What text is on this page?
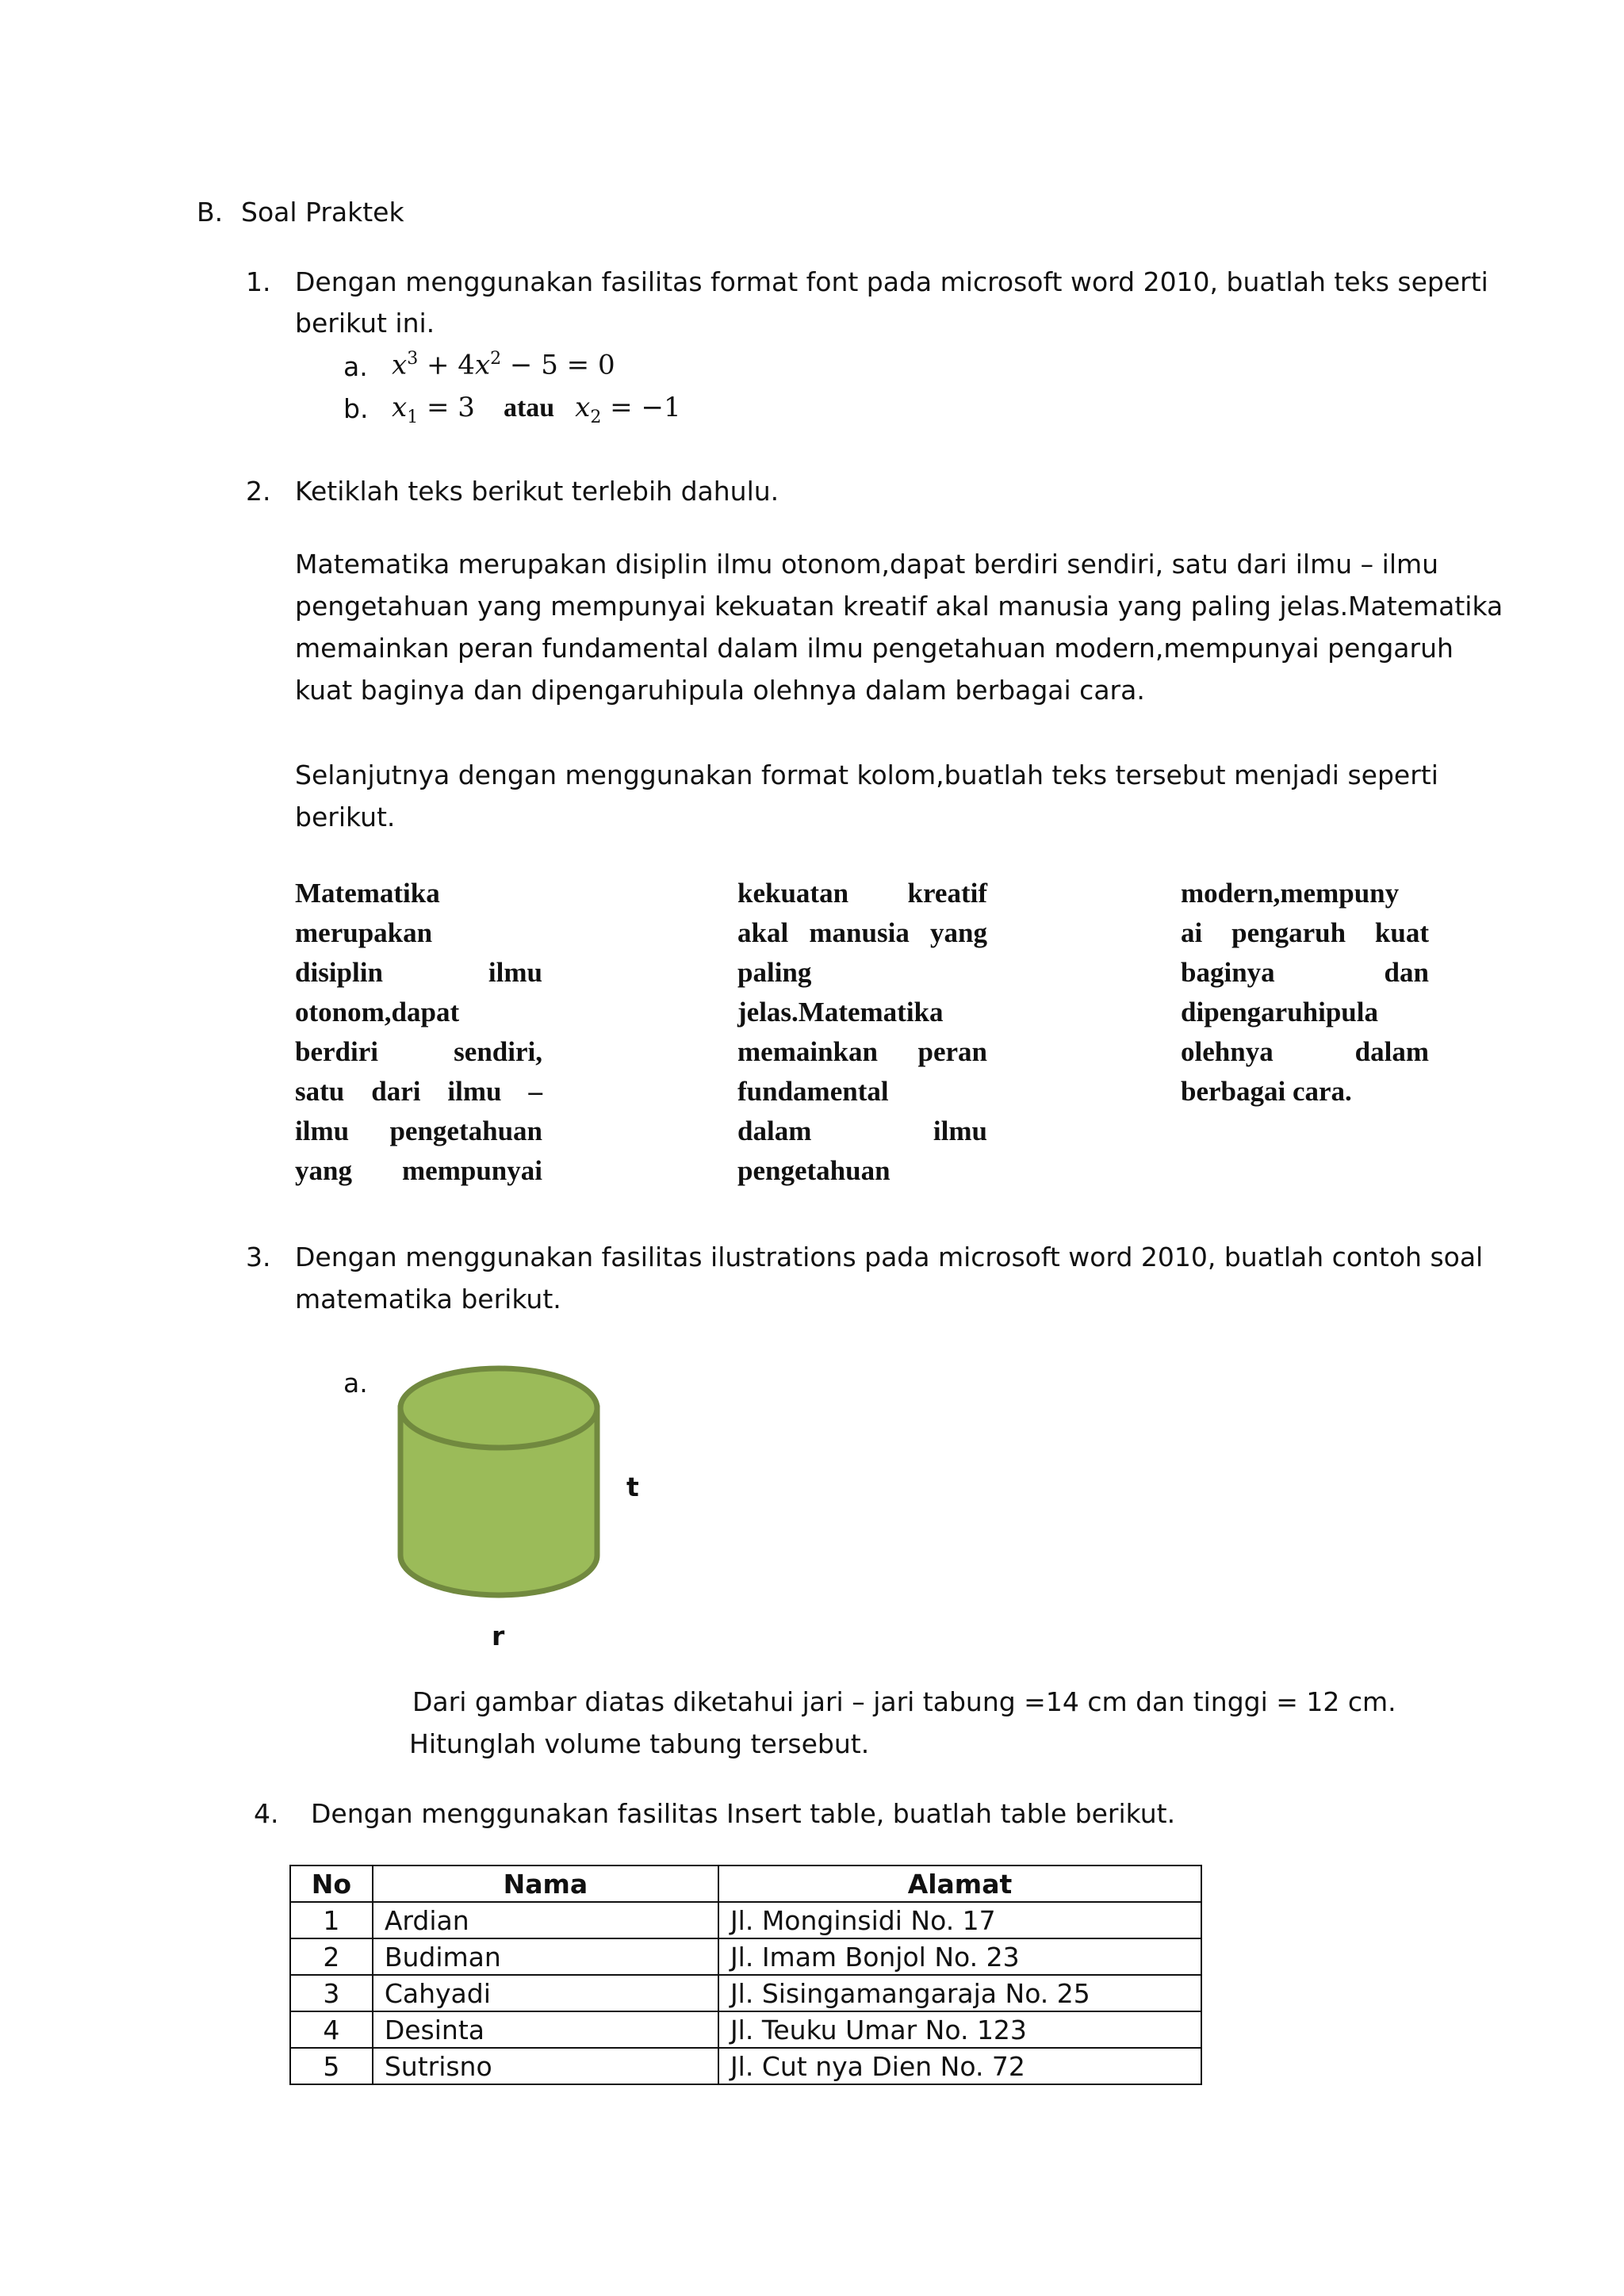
B. Soal Praktek
1. Dengan menggunakan fasilitas format font pada microsoft word 2010, buatlah teks seperti
berikut ini.
a. $x^3 + 4x^2 - 5 = 0$
b. $x_1 = 3$ atau $x_2 = -1$
2. Ketiklah teks berikut terlebih dahulu.
Matematika merupakan disiplin ilmu otonom,dapat berdiri sendiri, satu dari ilmu – ilmu
pengetahuan yang mempunyai kekuatan kreatif akal manusia yang paling jelas.Matematika
memainkan peran fundamental dalam ilmu pengetahuan modern,mempunyai pengaruh
kuat baginya dan dipengaruhipula olehnya dalam berbagai cara.
Selanjutnya dengan menggunakan format kolom,buatlah teks tersebut menjadi seperti
berikut.
Matematika
merupakan
disiplin ilmu
otonom,dapat
berdiri sendiri,
satu dari ilmu –
ilmu pengetahuan
yang mempunyai
kekuatan kreatif
akal manusia yang
paling
jelas.Matematika
memainkan peran
fundamental
dalam ilmu
pengetahuan
modern,mempuny
ai pengaruh kuat
baginya dan
dipengaruhipula
olehnya dalam
berbagai cara.
3. Dengan menggunakan fasilitas ilustrations pada microsoft word 2010, buatlah contoh soal
matematika berikut.
a.
t
r
Dari gambar diatas diketahui jari – jari tabung =14 cm dan tinggi = 12 cm.
Hitunglah volume tabung tersebut.
4. Dengan menggunakan fasilitas Insert table, buatlah table berikut.
No	Nama	Alamat
1	Ardian	Jl. Monginsidi No. 17
2	Budiman	Jl. Imam Bonjol No. 23
3	Cahyadi	Jl. Sisingamangaraja No. 25
4	Desinta	Jl. Teuku Umar No. 123
5	Sutrisno	Jl. Cut nya Dien No. 72
